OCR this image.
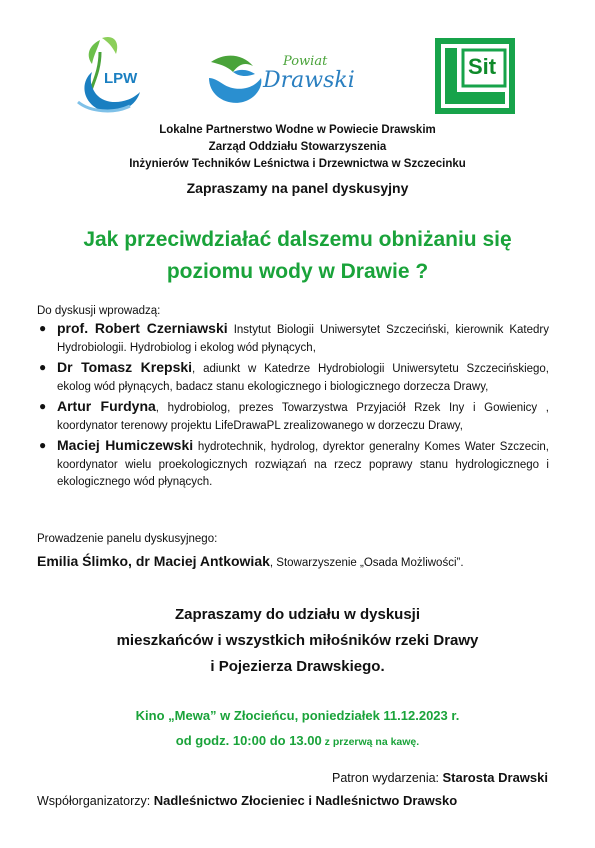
LPW
Powiat
Drawski
Sit
Lokalne Partnerstwo Wodne w Powiecie Drawskim
Zarząd Oddziału Stowarzyszenia
Inżynierów Techników Leśnictwa i Drzewnictwa w Szczecinku
Zapraszamy na panel dyskusyjny
Jak przeciwdziałać dalszemu obniżaniu się
poziomu wody w Drawie ?
Do dyskusji wprowadzą:
● prof. Robert Czerniawski Instytut Biologii Uniwersytet Szczeciński, kierownik Katedry Hydrobiologii. Hydrobiolog i ekolog wód płynących,
● Dr Tomasz Krepski, adiunkt w Katedrze Hydrobiologii Uniwersytetu Szczecińskiego, ekolog wód płynących, badacz stanu ekologicznego i biologicznego dorzecza Drawy,
● Artur Furdyna, hydrobiolog, prezes Towarzystwa Przyjaciół Rzek Iny i Gowienicy , koordynator terenowy projektu LifeDrawaPL zrealizowanego w dorzeczu Drawy,
● Maciej Humiczewski hydrotechnik, hydrolog, dyrektor generalny Komes Water Szczecin, koordynator wielu proekologicznych rozwiązań na rzecz poprawy stanu hydrologicznego i ekologicznego wód płynących.
Prowadzenie panelu dyskusyjnego:
Emilia Ślimko, dr Maciej Antkowiak, Stowarzyszenie „Osada Możliwości”.
Zapraszamy do udziału w dyskusji
mieszkańców i wszystkich miłośników rzeki Drawy
i Pojezierza Drawskiego.
Kino „Mewa” w Złocieńcu, poniedziałek 11.12.2023 r.
od godz. 10:00 do 13.00 z przerwą na kawę.
Patron wydarzenia: Starosta Drawski
Współorganizatorzy: Nadleśnictwo Złocieniec i Nadleśnictwo Drawsko
